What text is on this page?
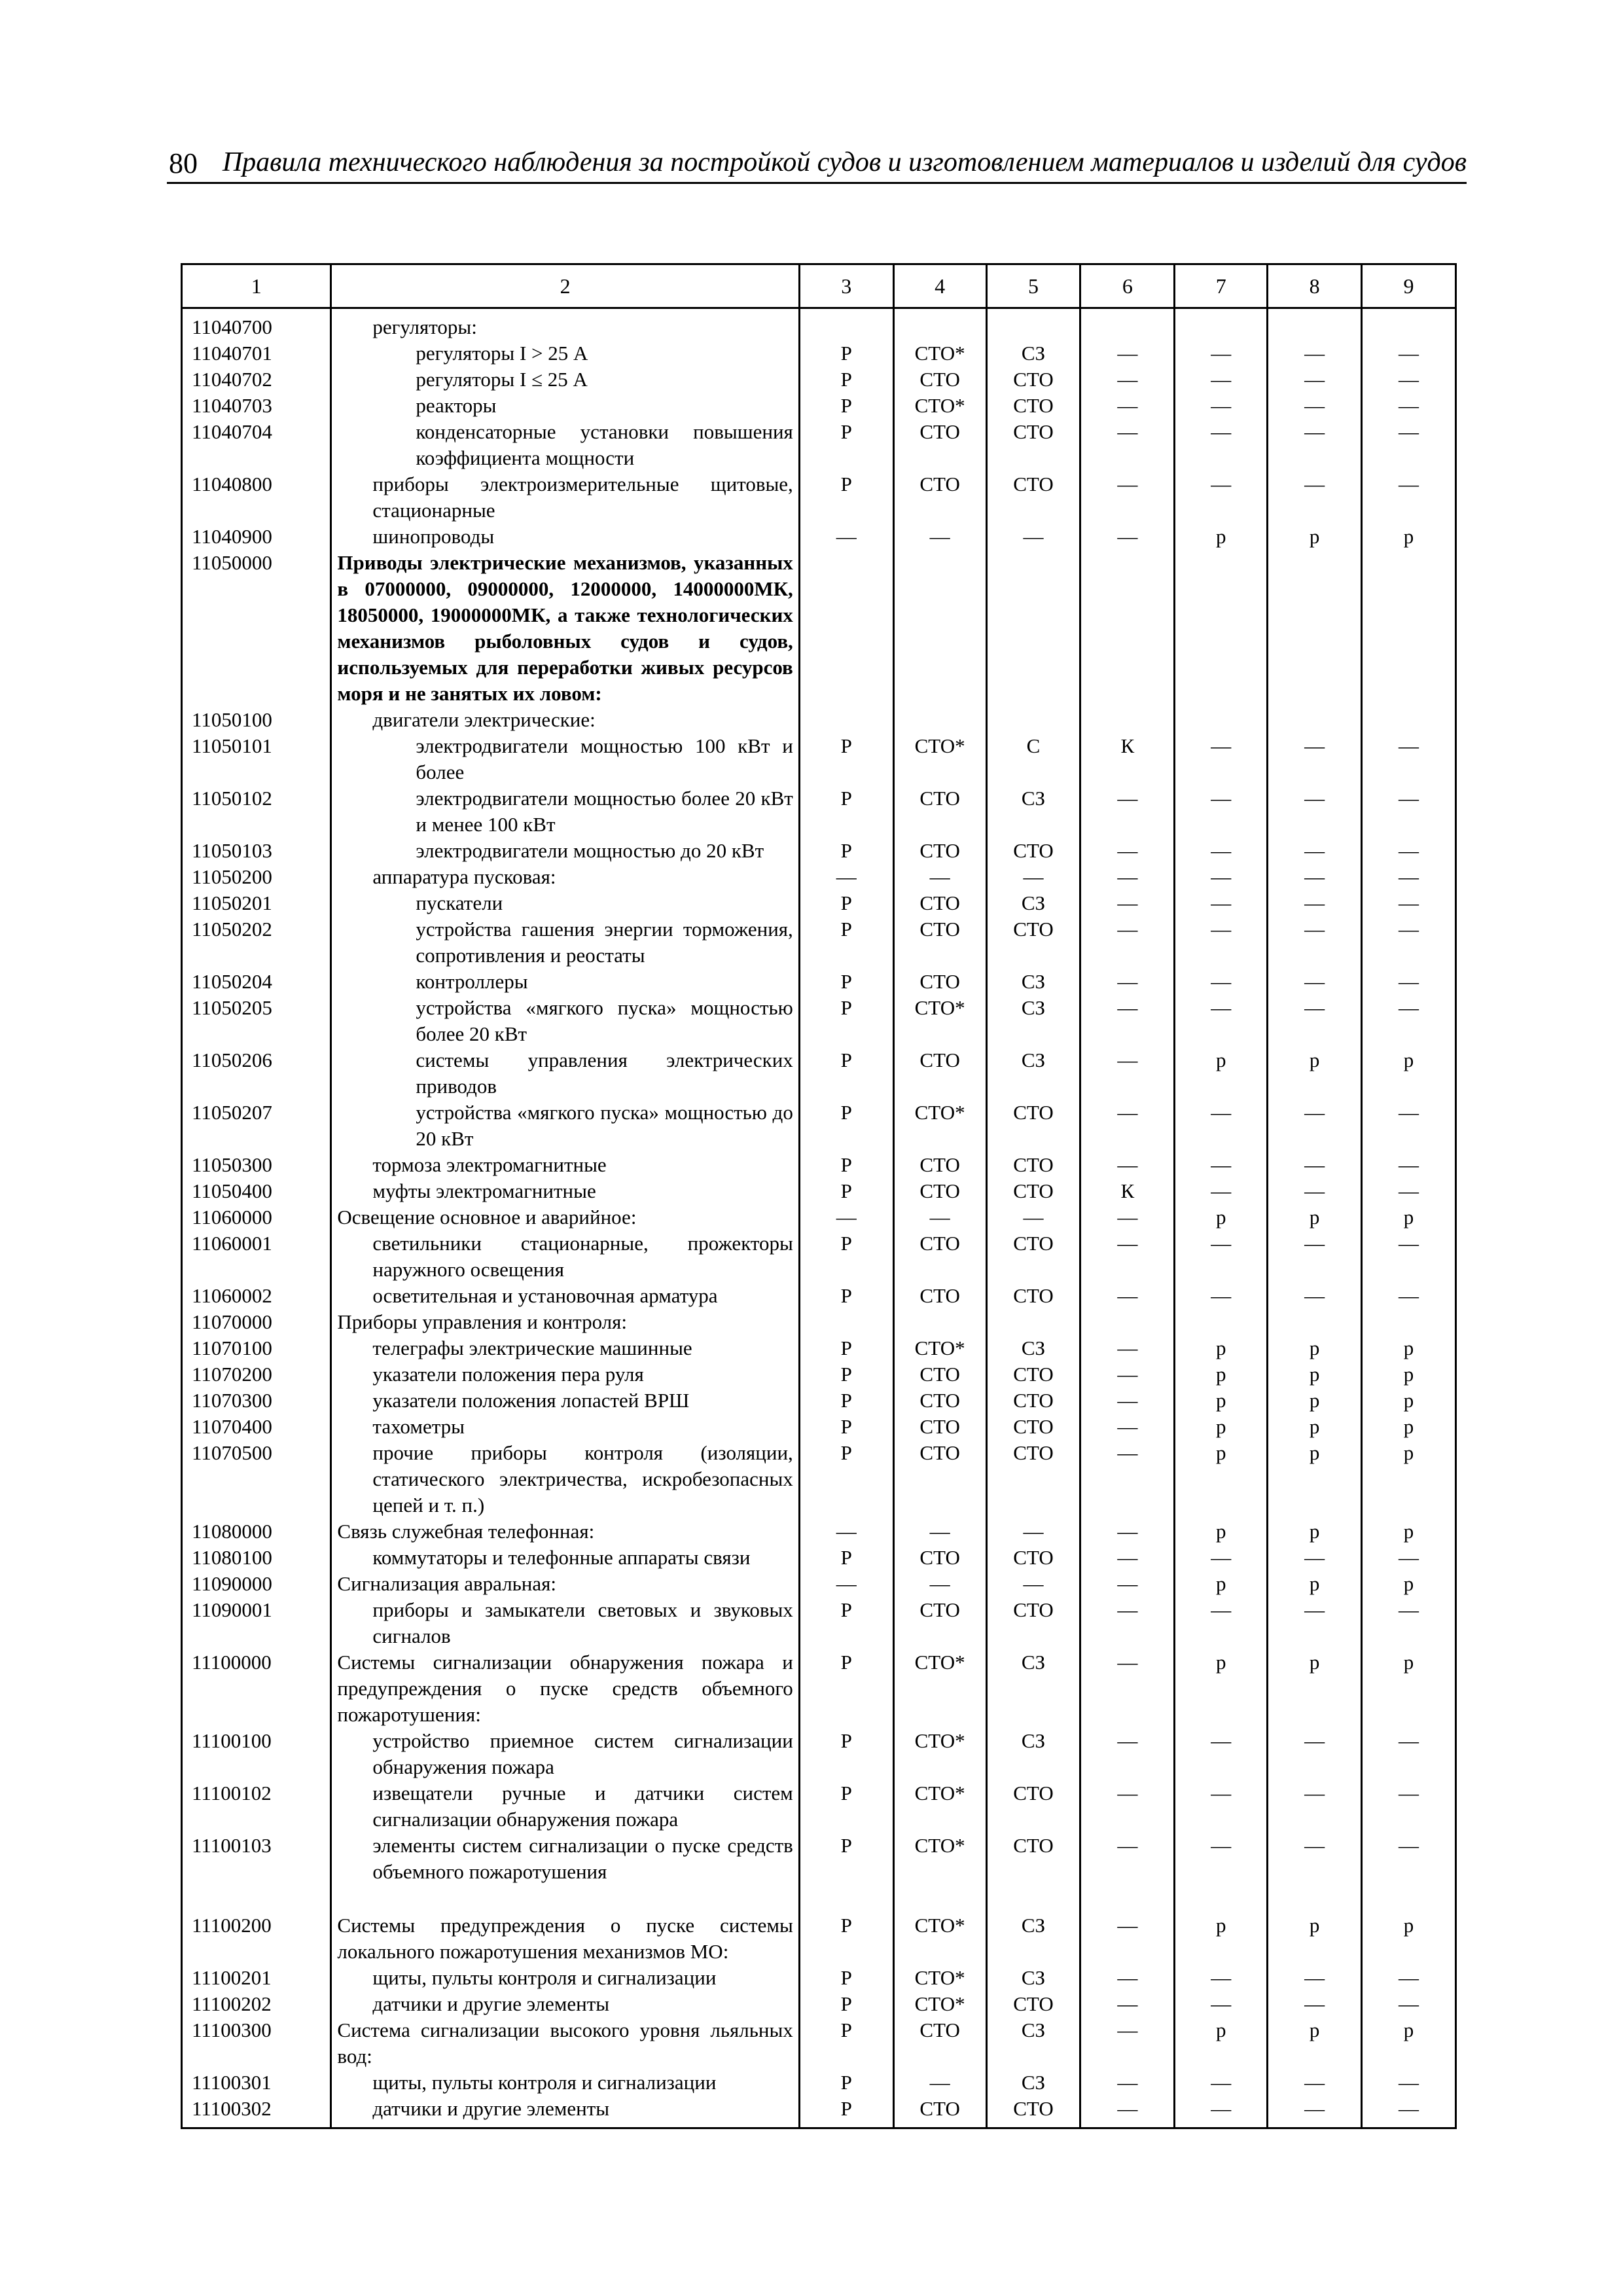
80 Правила технического наблюдения за постройкой судов и изготовлением материалов и изделий для судов
1	2	3	4	5	6	7	8	9
11040700	регуляторы:							

11040701	регуляторы I > 25 А	Р	СТО*	СЗ	—	—	—	—
11040702	регуляторы I ≤ 25 А	Р	СТО	СТО	—	—	—	—
11040703	реакторы	Р	СТО*	СТО	—	—	—	—
11040704	конденсаторные установки повышения коэффициента мощности	Р	СТО	СТО	—	—	—	—
11040800	приборы электроизмерительные щитовые, стационарные	Р	СТО	СТО	—	—	—	—
11040900	шинопроводы	—	—	—	—	р	р	р
11050000	Приводы электрические механизмов, указанных в 07000000, 09000000, 12000000, 14000000МК, 18050000, 19000000МК, а также технологических механизмов рыболовных судов и судов, используемых для переработки живых ресурсов моря и не занятых их ловом:							

11050100	двигатели электрические:							

11050101	электродвигатели мощностью 100 кВт и более	Р	СТО*	С	К	—	—	—
11050102	электродвигатели мощностью более 20 кВт и менее 100 кВт	Р	СТО	СЗ	—	—	—	—
11050103	электродвигатели мощностью до 20 кВт	Р	СТО	СТО	—	—	—	—
11050200	аппаратура пусковая:	—	—	—	—	—	—	—
11050201	пускатели	Р	СТО	СЗ	—	—	—	—
11050202	устройства гашения энергии торможения, сопротивления и реостаты	Р	СТО	СТО	—	—	—	—
11050204	контроллеры	Р	СТО	СЗ	—	—	—	—
11050205	устройства «мягкого пуска» мощностью более 20 кВт	Р	СТО*	СЗ	—	—	—	—
11050206	системы управления электрических приводов	Р	СТО	СЗ	—	р	р	р
11050207	устройства «мягкого пуска» мощностью до 20 кВт	Р	СТО*	СТО	—	—	—	—
11050300	тормоза электромагнитные	Р	СТО	СТО	—	—	—	—
11050400	муфты электромагнитные	Р	СТО	СТО	К	—	—	—
11060000	Освещение основное и аварийное:	—	—	—	—	р	р	р
11060001	светильники стационарные, прожекторы наружного освещения	Р	СТО	СТО	—	—	—	—
11060002	осветительная и установочная арматура	Р	СТО	СТО	—	—	—	—
11070000	Приборы управления и контроля:							

11070100	телеграфы электрические машинные	Р	СТО*	СЗ	—	р	р	р
11070200	указатели положения пера руля	Р	СТО	СТО	—	р	р	р
11070300	указатели положения лопастей ВРШ	Р	СТО	СТО	—	р	р	р
11070400	тахометры	Р	СТО	СТО	—	р	р	р
11070500	прочие приборы контроля (изоляции, статического электричества, искробезопасных цепей и т. п.)	Р	СТО	СТО	—	р	р	р
11080000	Связь служебная телефонная:	—	—	—	—	р	р	р
11080100	коммутаторы и телефонные аппараты связи	Р	СТО	СТО	—	—	—	—
11090000	Сигнализация авральная:	—	—	—	—	р	р	р
11090001	приборы и замыкатели световых и звуковых сигналов	Р	СТО	СТО	—	—	—	—
11100000	Системы сигнализации обнаружения пожара и предупреждения о пуске средств объемного пожаротушения:	Р	СТО*	СЗ	—	р	р	р
11100100	устройство приемное систем сигнализации обнаружения пожара	Р	СТО*	СЗ	—	—	—	—
11100102	извещатели ручные и датчики систем сигнализации обнаружения пожара	Р	СТО*	СТО	—	—	—	—
11100103	элементы систем сигнализации о пуске средств объемного пожаротушения	Р	СТО*	СТО	—	—	—	—
11100200	Системы предупреждения о пуске системы локального пожаротушения механизмов МО:	Р	СТО*	СЗ	—	р	р	р
11100201	щиты, пульты контроля и сигнализации	Р	СТО*	СЗ	—	—	—	—
11100202	датчики и другие элементы	Р	СТО*	СТО	—	—	—	—
11100300	Система сигнализации высокого уровня льяльных вод:	Р	СТО	СЗ	—	р	р	р
11100301	щиты, пульты контроля и сигнализации	Р	—	СЗ	—	—	—	—
11100302	датчики и другие элементы	Р	СТО	СТО	—	—	—	—
